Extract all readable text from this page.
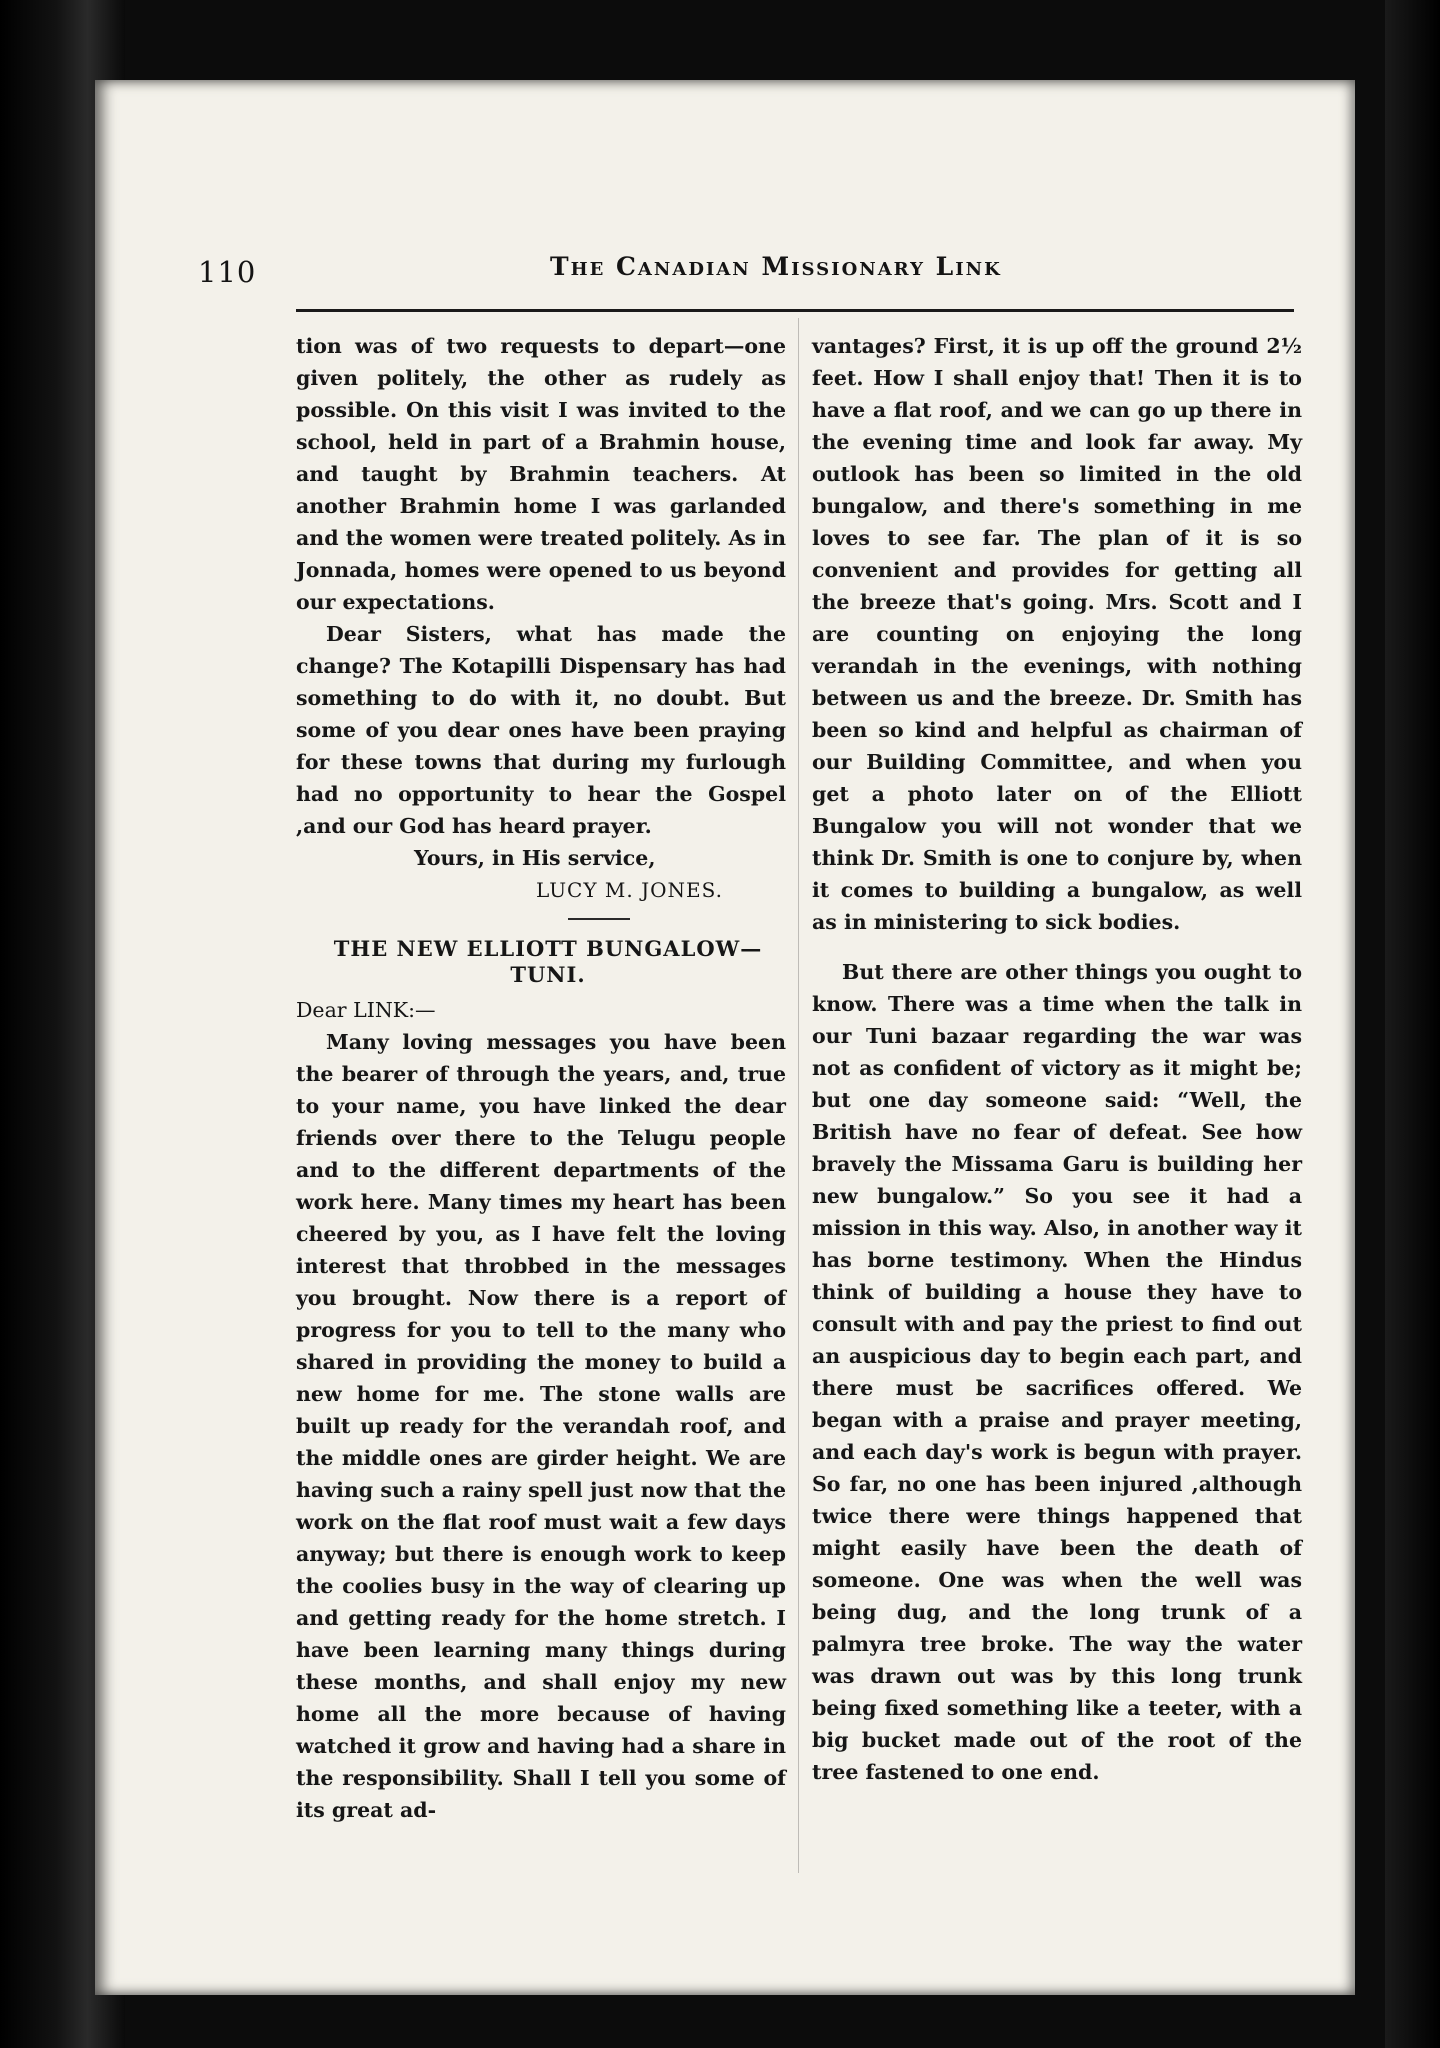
110	The Canadian Missionary Link

tion was of two requests to depart—one given politely, the other as rudely as possible. On this visit I was invited to the school, held in part of a Brahmin house, and taught by Brahmin teachers. At another Brahmin home I was garlanded and the women were treated politely. As in Jonnada, homes were opened to us beyond our expectations.

Dear Sisters, what has made the change? The Kotapilli Dispensary has had something to do with it, no doubt. But some of you dear ones have been praying for these towns that during my furlough had no opportunity to hear the Gospel ,and our God has heard prayer.

Yours, in His service,

LUCY M. JONES.

THE NEW ELLIOTT BUNGALOW— TUNI.

Dear LINK:—

Many loving messages you have been the bearer of through the years, and, true to your name, you have linked the dear friends over there to the Telugu people and to the different departments of the work here. Many times my heart has been cheered by you, as I have felt the loving interest that throbbed in the messages you brought. Now there is a report of progress for you to tell to the many who shared in providing the money to build a new home for me. The stone walls are built up ready for the verandah roof, and the middle ones are girder height. We are having such a rainy spell just now that the work on the flat roof must wait a few days anyway; but there is enough work to keep the coolies busy in the way of clearing up and getting ready for the home stretch. I have been learning many things during these months, and shall enjoy my new home all the more because of having watched it grow and having had a share in the responsibility. Shall I tell you some of its great ad-

vantages? First, it is up off the ground 2½ feet. How I shall enjoy that! Then it is to have a flat roof, and we can go up there in the evening time and look far away. My outlook has been so limited in the old bungalow, and there's something in me loves to see far. The plan of it is so convenient and provides for getting all the breeze that's going. Mrs. Scott and I are counting on enjoying the long verandah in the evenings, with nothing between us and the breeze. Dr. Smith has been so kind and helpful as chairman of our Building Committee, and when you get a photo later on of the Elliott Bungalow you will not wonder that we think Dr. Smith is one to conjure by, when it comes to building a bungalow, as well as in ministering to sick bodies.

But there are other things you ought to know. There was a time when the talk in our Tuni bazaar regarding the war was not as confident of victory as it might be; but one day someone said: “Well, the British have no fear of defeat. See how bravely the Missama Garu is building her new bungalow.” So you see it had a mission in this way. Also, in another way it has borne testimony. When the Hindus think of building a house they have to consult with and pay the priest to find out an auspicious day to begin each part, and there must be sacrifices offered. We began with a praise and prayer meeting, and each day's work is begun with prayer. So far, no one has been injured ,although twice there were things happened that might easily have been the death of someone. One was when the well was being dug, and the long trunk of a palmyra tree broke. The way the water was drawn out was by this long trunk being fixed something like a teeter, with a big bucket made out of the root of the tree fastened to one end.
